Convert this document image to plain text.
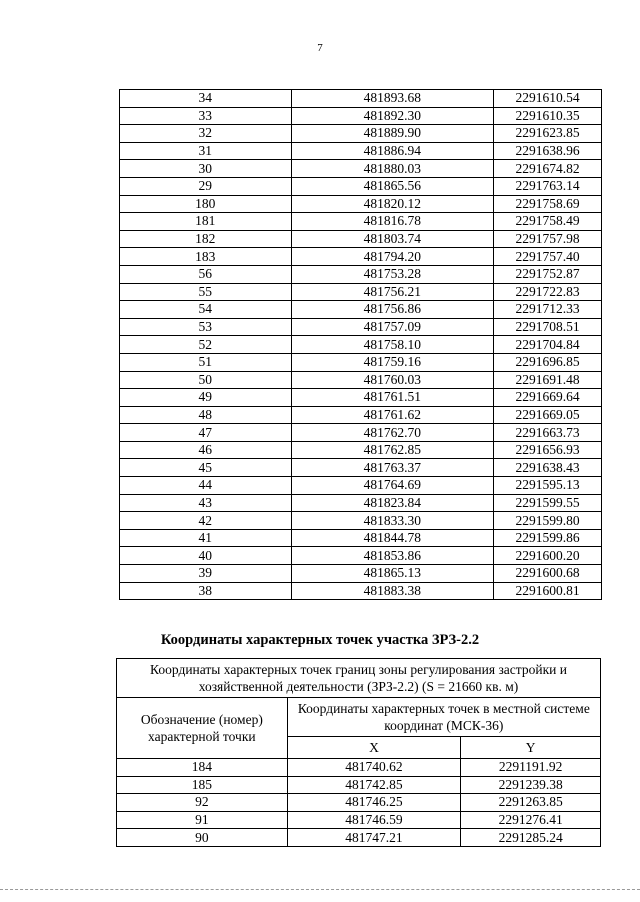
7
34	481893.68	2291610.54
33	481892.30	2291610.35
32	481889.90	2291623.85
31	481886.94	2291638.96
30	481880.03	2291674.82
29	481865.56	2291763.14
180	481820.12	2291758.69
181	481816.78	2291758.49
182	481803.74	2291757.98
183	481794.20	2291757.40
56	481753.28	2291752.87
55	481756.21	2291722.83
54	481756.86	2291712.33
53	481757.09	2291708.51
52	481758.10	2291704.84
51	481759.16	2291696.85
50	481760.03	2291691.48
49	481761.51	2291669.64
48	481761.62	2291669.05
47	481762.70	2291663.73
46	481762.85	2291656.93
45	481763.37	2291638.43
44	481764.69	2291595.13
43	481823.84	2291599.55
42	481833.30	2291599.80
41	481844.78	2291599.86
40	481853.86	2291600.20
39	481865.13	2291600.68
38	481883.38	2291600.81
Координаты характерных точек участка ЗРЗ-2.2
Координаты характерных точек границ зоны регулирования застройки и хозяйственной деятельности (ЗРЗ-2.2) (S = 21660 кв. м)		
Обозначение (номер) характерной точки	Координаты характерных точек в местной системе координат (МСК-36)	
	X	Y
184	481740.62	2291191.92
185	481742.85	2291239.38
92	481746.25	2291263.85
91	481746.59	2291276.41
90	481747.21	2291285.24
